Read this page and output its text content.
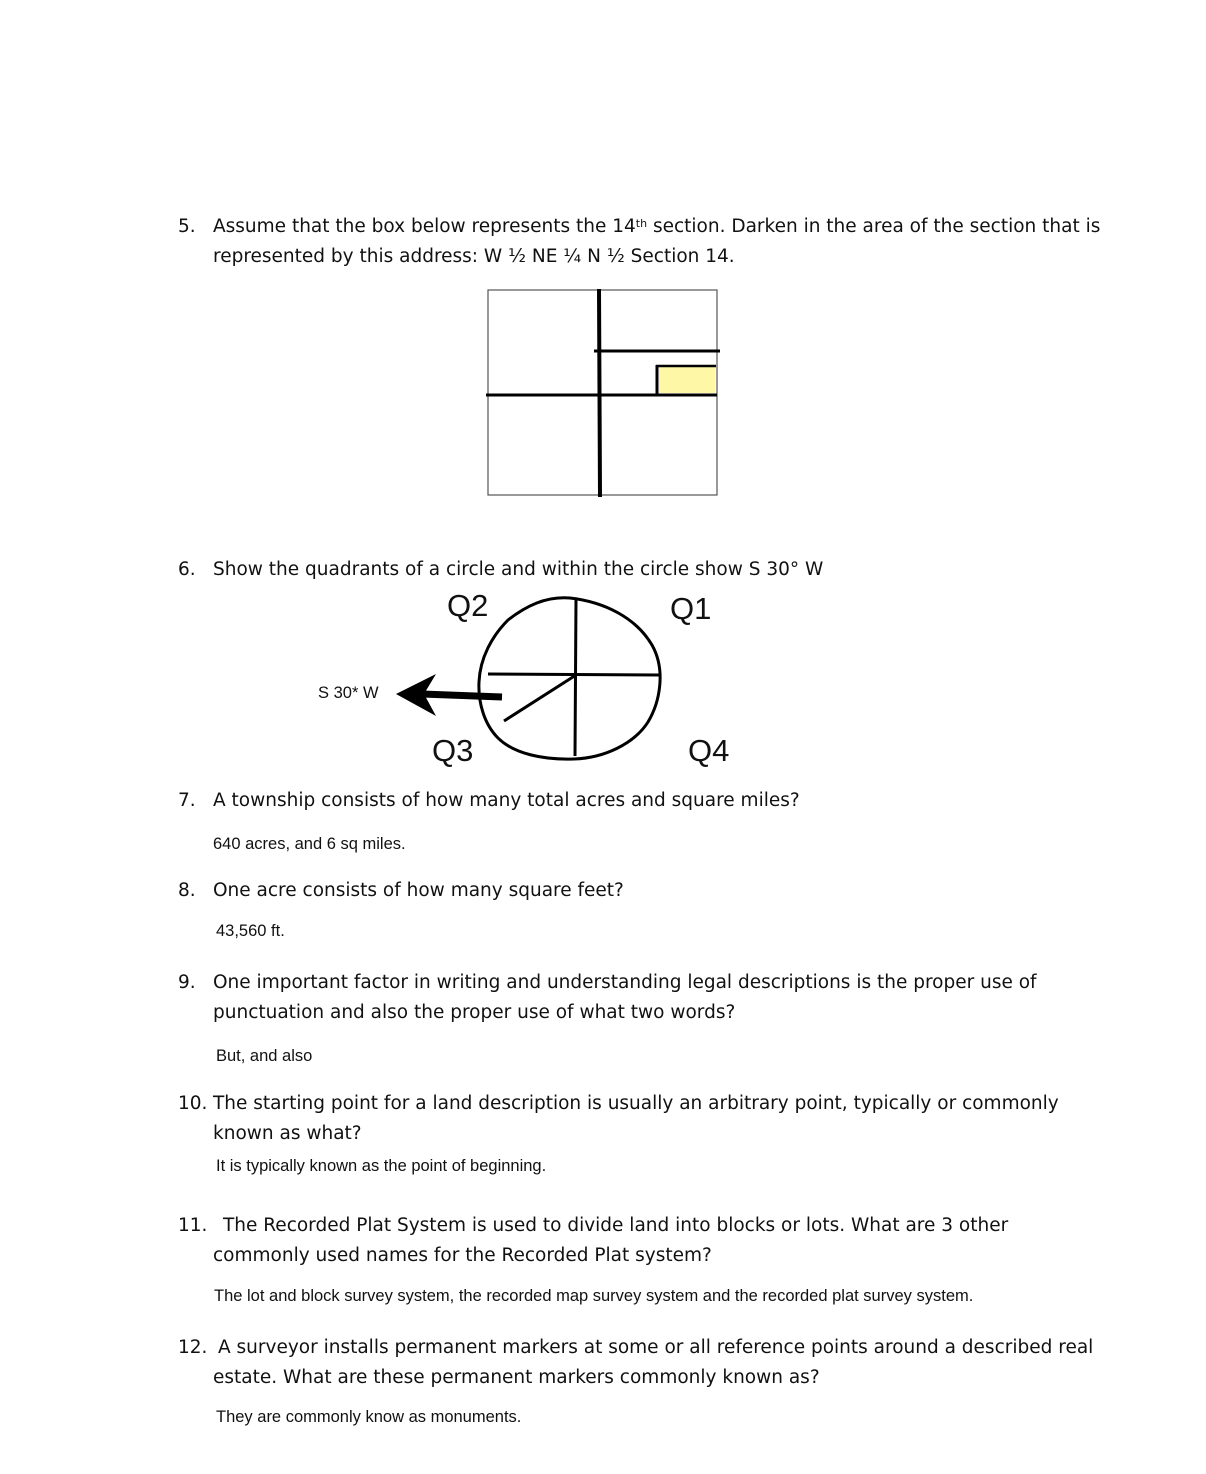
5. Assume that the box below represents the 14th section. Darken in the area of the section that is
represented by this address: W ½ NE ¼ N ½ Section 14.
6. Show the quadrants of a circle and within the circle show S 30° W
Q2	Q1
Q3	Q4
S 30* W
7. A township consists of how many total acres and square miles?
640 acres, and 6 sq miles.
8. One acre consists of how many square feet?
43,560 ft.
9. One important factor in writing and understanding legal descriptions is the proper use of
punctuation and also the proper use of what two words?
But, and also
10. The starting point for a land description is usually an arbitrary point, typically or commonly
known as what?
It is typically known as the point of beginning.
11. The Recorded Plat System is used to divide land into blocks or lots. What are 3 other
commonly used names for the Recorded Plat system?
The lot and block survey system, the recorded map survey system and the recorded plat survey system.
12. A surveyor installs permanent markers at some or all reference points around a described real
estate. What are these permanent markers commonly known as?
They are commonly know as monuments.
